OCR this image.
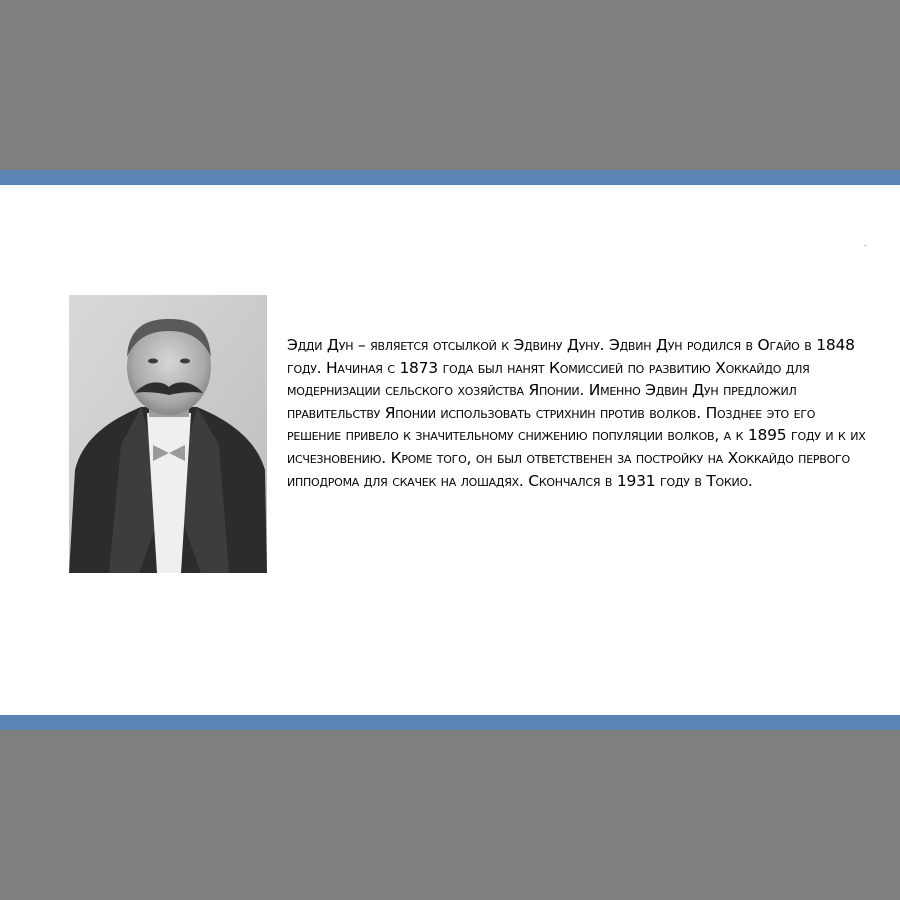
Эдди Дун – является отсылкой к Эдвину Дуну. Эдвин Дун родился в Огайо в 1848 году. Начиная с 1873 года был нанят Комиссией по развитию Хоккайдо для модернизации сельского хозяйства Японии. Именно Эдвин Дун предложил правительству Японии использовать стрихнин против волков. Позднее это его решение привело к значительному снижению популяции волков, а к 1895 году и к их исчезновению. Кроме того, он был ответственен за постройку на Хоккайдо первого ипподрома для скачек на лошадях. Скончался в 1931 году в Токио.
